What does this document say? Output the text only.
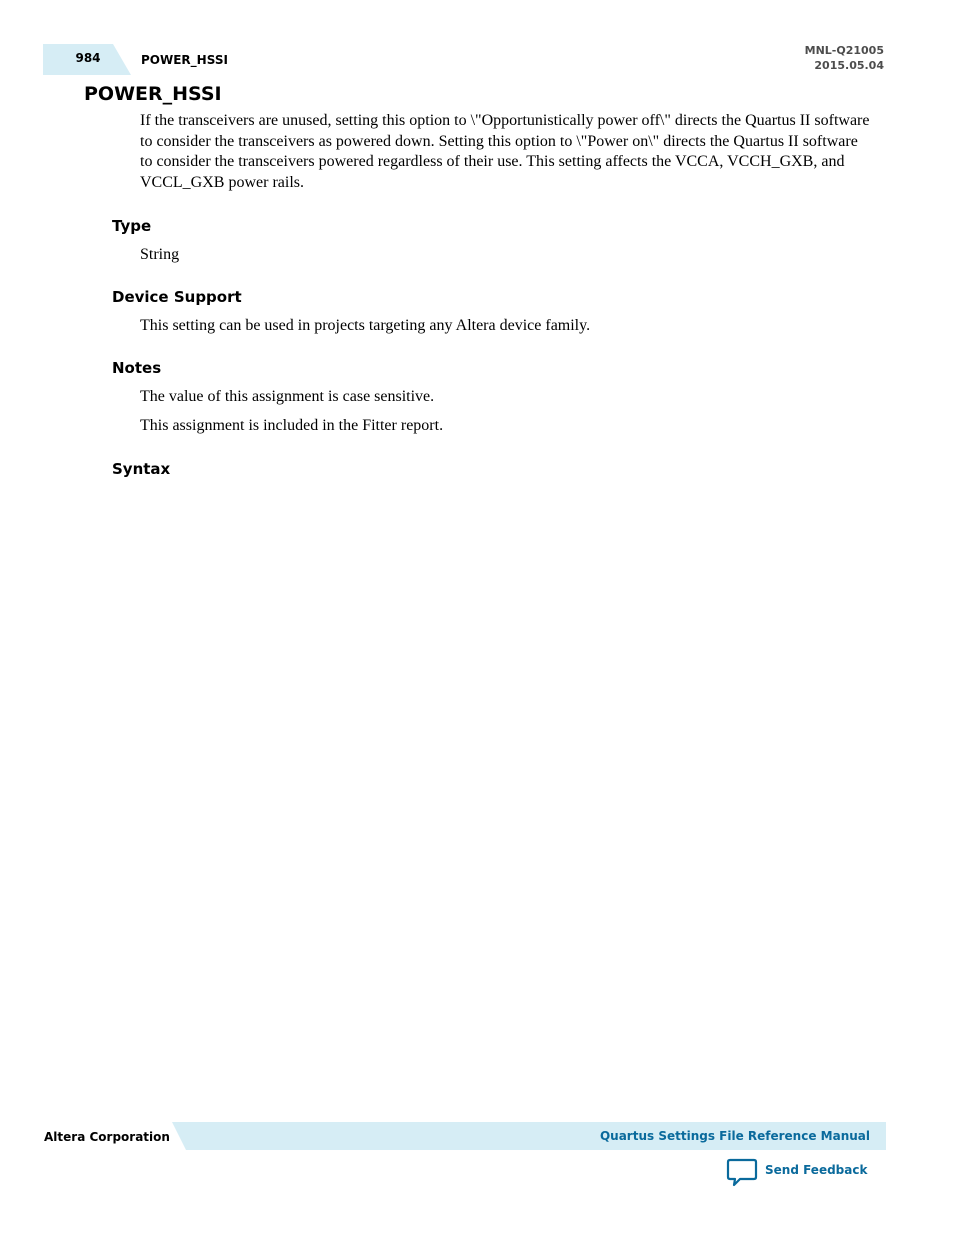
984	POWER_HSSI
MNL-Q21005
2015.05.04
POWER_HSSI
If the transceivers are unused, setting this option to \"Opportunistically power off\" directs the Quartus II software to consider the transceivers as powered down. Setting this option to \"Power on\" directs the Quartus II software to consider the transceivers powered regardless of their use. This setting affects the VCCA, VCCH_GXB, and VCCL_GXB power rails.
Type
String
Device Support
This setting can be used in projects targeting any Altera device family.
Notes
The value of this assignment is case sensitive.
This assignment is included in the Fitter report.
Syntax
Altera Corporation	Quartus Settings File Reference Manual
Send Feedback
